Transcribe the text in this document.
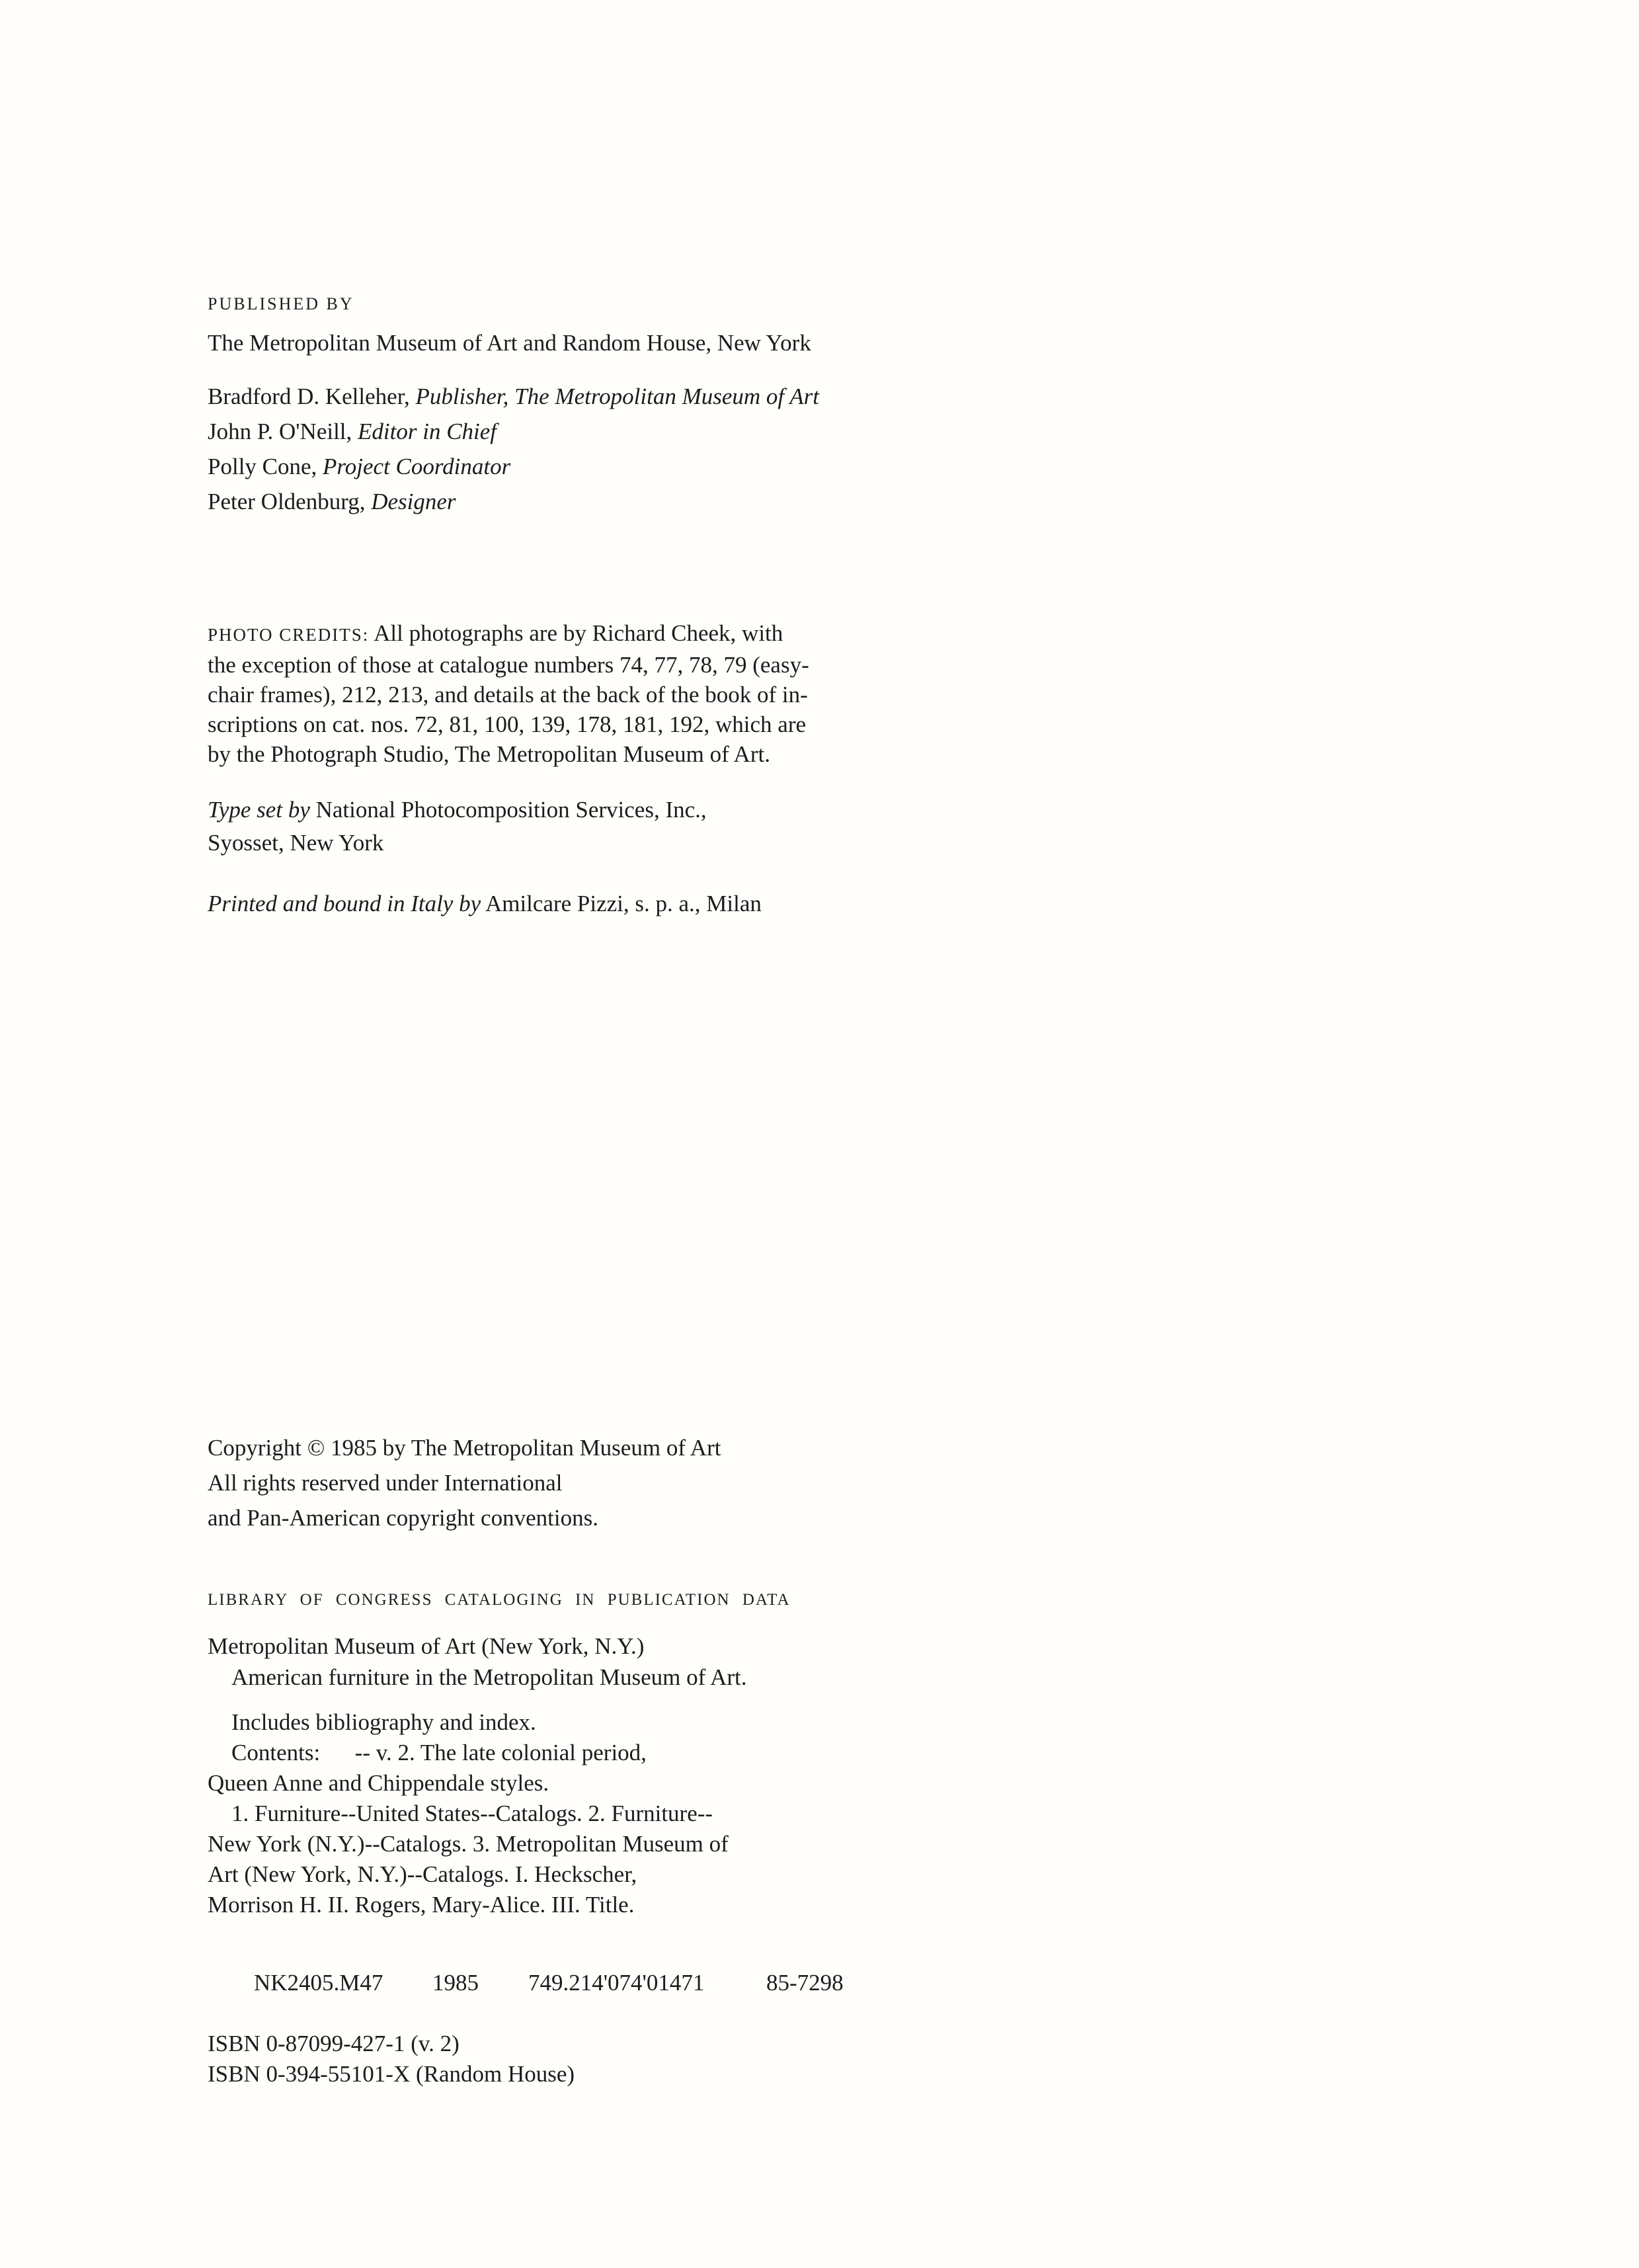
PUBLISHED BY
The Metropolitan Museum of Art and Random House, New York
Bradford D. Kelleher, Publisher, The Metropolitan Museum of Art
John P. O'Neill, Editor in Chief
Polly Cone, Project Coordinator
Peter Oldenburg, Designer
PHOTO CREDITS: All photographs are by Richard Cheek, with
the exception of those at catalogue numbers 74, 77, 78, 79 (easy-
chair frames), 212, 213, and details at the back of the book of in-
scriptions on cat. nos. 72, 81, 100, 139, 178, 181, 192, which are
by the Photograph Studio, The Metropolitan Museum of Art.
Type set by National Photocomposition Services, Inc.,
Syosset, New York
Printed and bound in Italy by Amilcare Pizzi, s. p. a., Milan
Copyright © 1985 by The Metropolitan Museum of Art
All rights reserved under International
and Pan-American copyright conventions.
LIBRARY OF CONGRESS CATALOGING IN PUBLICATION DATA
Metropolitan Museum of Art (New York, N.Y.)
American furniture in the Metropolitan Museum of Art.
Includes bibliography and index.
Contents:      -- v. 2. The late colonial period,
Queen Anne and Chippendale styles.
1. Furniture--United States--Catalogs. 2. Furniture--
New York (N.Y.)--Catalogs. 3. Metropolitan Museum of
Art (New York, N.Y.)--Catalogs. I. Heckscher,
Morrison H. II. Rogers, Mary-Alice. III. Title.

NK2405.M47 1985 749.214'074'01471	85-7298

ISBN 0-87099-427-1 (v. 2)
ISBN 0-394-55101-X (Random House)
